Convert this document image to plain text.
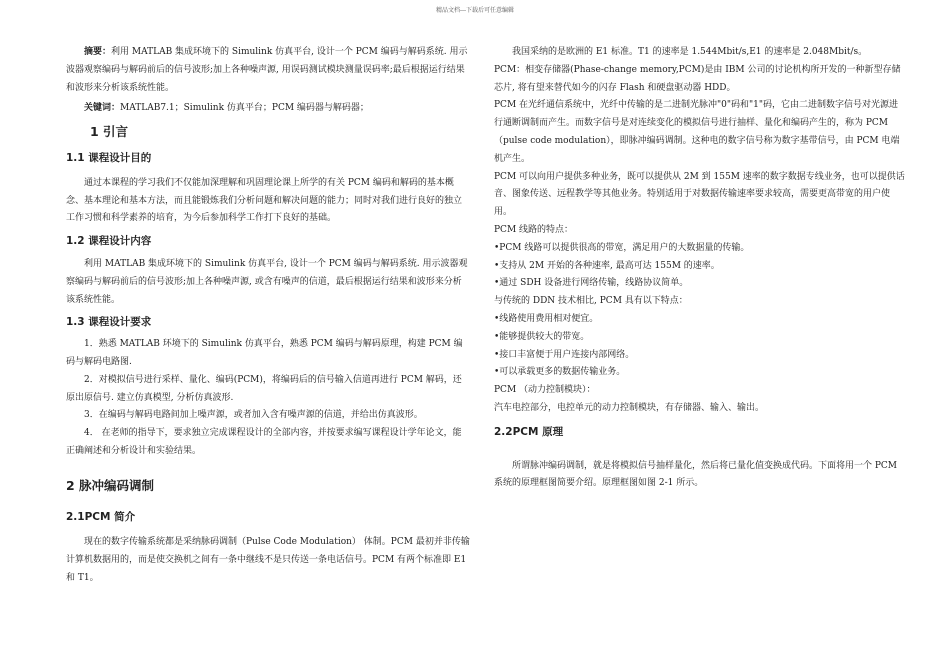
精品文档---下载后可任意编辑

摘要：利用 MATLAB 集成环境下的 Simulink 仿真平台, 设计一个 PCM 编码与解码系统. 用示波器观察编码与解码前后的信号波形;加上各种噪声源, 用误码测试模块测量误码率;最后根据运行结果和波形来分析该系统性能。

关键词：MATLAB7.1；Simulink 仿真平台；PCM 编码器与解码器；

1 引言
1.1 课程设计目的

通过本课程的学习我们不仅能加深理解和巩固理论课上所学的有关 PCM 编码和解码的基本概念、基本理论和基本方法，而且能锻炼我们分析问题和解决问题的能力；同时对我们进行良好的独立工作习惯和科学素养的培育，为今后参加科学工作打下良好的基础。

1.2 课程设计内容

利用 MATLAB 集成环境下的 Simulink 仿真平台, 设计一个 PCM 编码与解码系统. 用示波器观察编码与解码前后的信号波形;加上各种噪声源, 或含有噪声的信道，最后根据运行结果和波形来分析该系统性能。

1.3 课程设计要求

1．熟悉 MATLAB 环境下的 Simulink 仿真平台，熟悉 PCM 编码与解码原理，构建 PCM 编码与解码电路图.

2．对模拟信号进行采样、量化、编码(PCM)，将编码后的信号输入信道再进行 PCM 解码，还原出原信号. 建立仿真模型, 分析仿真波形.

3．在编码与解码电路间加上噪声源，或者加入含有噪声源的信道，并给出仿真波形。

4． 在老师的指导下，要求独立完成课程设计的全部内容，并按要求编写课程设计学年论文，能正确阐述和分析设计和实验结果。

2 脉冲编码调制
2.1PCM 简介

现在的数字传输系统都是采纳脉码调制（Pulse Code Modulation） 体制。PCM 最初并非传输计算机数据用的，而是使交换机之间有一条中继线不是只传送一条电话信号。PCM 有两个标准即 E1 和 T1。

我国采纳的是欧洲的 E1 标准。T1 的速率是 1.544Mbit/s,E1 的速率是 2.048Mbit/s。

PCM：相变存储器(Phase-change memory,PCM)是由 IBM 公司的讨论机构所开发的一种新型存储芯片, 将有望来替代如今的闪存 Flash 和硬盘驱动器 HDD。

PCM 在光纤通信系统中，光纤中传输的是二进制光脉冲"0"码和"1"码，它由二进制数字信号对光源进行通断调制而产生。而数字信号是对连续变化的模拟信号进行抽样、量化和编码产生的，称为 PCM（pulse code modulation），即脉冲编码调制。这种电的数字信号称为数字基带信号，由 PCM 电端机产生。

PCM 可以向用户提供多种业务，既可以提供从 2M 到 155M 速率的数字数据专线业务，也可以提供话音、图象传送、远程教学等其他业务。特别适用于对数据传输速率要求较高，需要更高带宽的用户使用。

PCM 线路的特点：

•PCM 线路可以提供很高的带宽，满足用户的大数据量的传输。

•支持从 2M 开始的各种速率, 最高可达 155M 的速率。

•通过 SDH 设备进行网络传输，线路协议简单。

与传统的 DDN 技术相比, PCM 具有以下特点：

•线路使用费用相对便宜。

•能够提供较大的带宽。

•接口丰富便于用户连接内部网络。

•可以承载更多的数据传输业务。

PCM （动力控制模块）：

汽车电控部分，电控单元的动力控制模块，有存储器、输入、输出。

2.2PCM 原理

所谓脉冲编码调制，就是将模拟信号抽样量化，然后将已量化值变换成代码。下面将用一个 PCM 系统的原理框图简要介绍。原理框图如图 2-1 所示。
